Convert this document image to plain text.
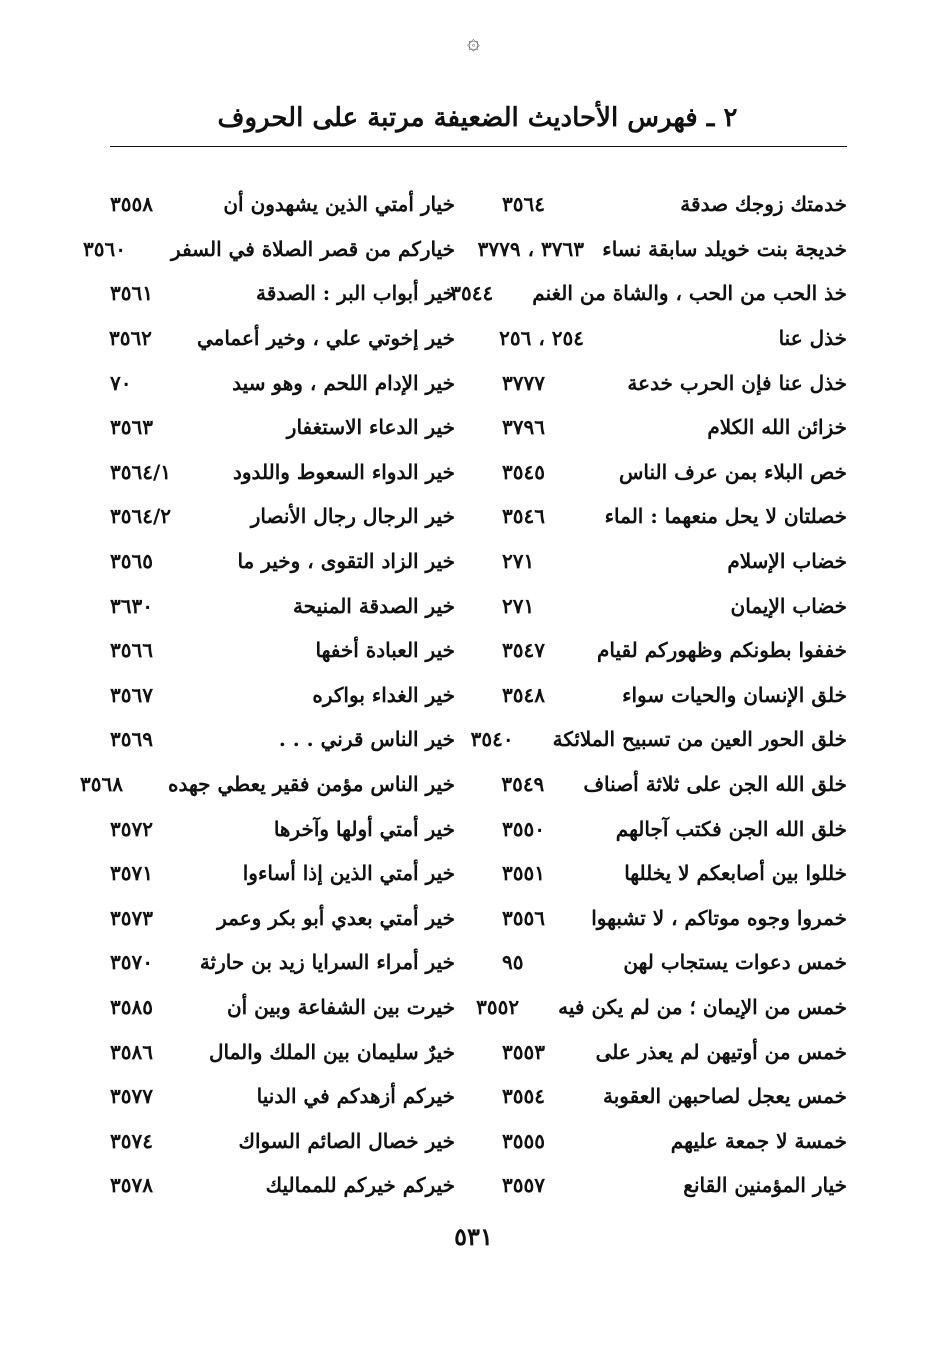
۞
٢ ـ فهرس الأحاديث الضعيفة مرتبة على الحروف
خدمتك زوجك صدقة
٣٥٦٤
خديجة بنت خويلد سابقة نساء
٣٧٦٣ ، ٣٧٧٩
خذ الحب من الحب ، والشاة من الغنم
٣٥٤٤
خذل عنا
٢٥٤ ، ٢٥٦
خذل عنا فإن الحرب خدعة
٣٧٧٧
خزائن الله الكلام
٣٧٩٦
خص البلاء بمن عرف الناس
٣٥٤٥
خصلتان لا يحل منعهما : الماء
٣٥٤٦
خضاب الإسلام
٢٧١
خضاب الإيمان
٢٧١
خففوا بطونكم وظهوركم لقيام
٣٥٤٧
خلق الإنسان والحيات سواء
٣٥٤٨
خلق الحور العين من تسبيح الملائكة
٣٥٤٠
خلق الله الجن على ثلاثة أصناف
٣٥٤٩
خلق الله الجن فكتب آجالهم
٣٥٥٠
خللوا بين أصابعكم لا يخللها
٣٥٥١
خمروا وجوه موتاكم ، لا تشبهوا
٣٥٥٦
خمس دعوات يستجاب لهن
٩٥
خمس من الإيمان ؛ من لم يكن فيه
٣٥٥٢
خمس من أوتيهن لم يعذر على
٣٥٥٣
خمس يعجل لصاحبهن العقوبة
٣٥٥٤
خمسة لا جمعة عليهم
٣٥٥٥
خيار المؤمنين القانع
٣٥٥٧
خيار أمتي الذين يشهدون أن
٣٥٥٨
خياركم من قصر الصلاة في السفر
٣٥٦٠
خير أبواب البر : الصدقة
٣٥٦١
خير إخوتي علي ، وخير أعمامي
٣٥٦٢
خير الإدام اللحم ، وهو سيد
٧٠
خير الدعاء الاستغفار
٣٥٦٣
خير الدواء السعوط واللدود
٣٥٦٤/١
خير الرجال رجال الأنصار
٣٥٦٤/٢
خير الزاد التقوى ، وخير ما
٣٥٦٥
خير الصدقة المنيحة
٣٦٣٠
خير العبادة أخفها
٣٥٦٦
خير الغداء بواكره
٣٥٦٧
خير الناس قرني . . .
٣٥٦٩
خير الناس مؤمن فقير يعطي جهده
٣٥٦٨
خير أمتي أولها وآخرها
٣٥٧٢
خير أمتي الذين إذا أساءوا
٣٥٧١
خير أمتي بعدي أبو بكر وعمر
٣٥٧٣
خير أمراء السرايا زيد بن حارثة
٣٥٧٠
خيرت بين الشفاعة وبين أن
٣٥٨٥
خيرٌ سليمان بين الملك والمال
٣٥٨٦
خيركم أزهدكم في الدنيا
٣٥٧٧
خير خصال الصائم السواك
٣٥٧٤
خيركم خيركم للمماليك
٣٥٧٨
٥٣١
